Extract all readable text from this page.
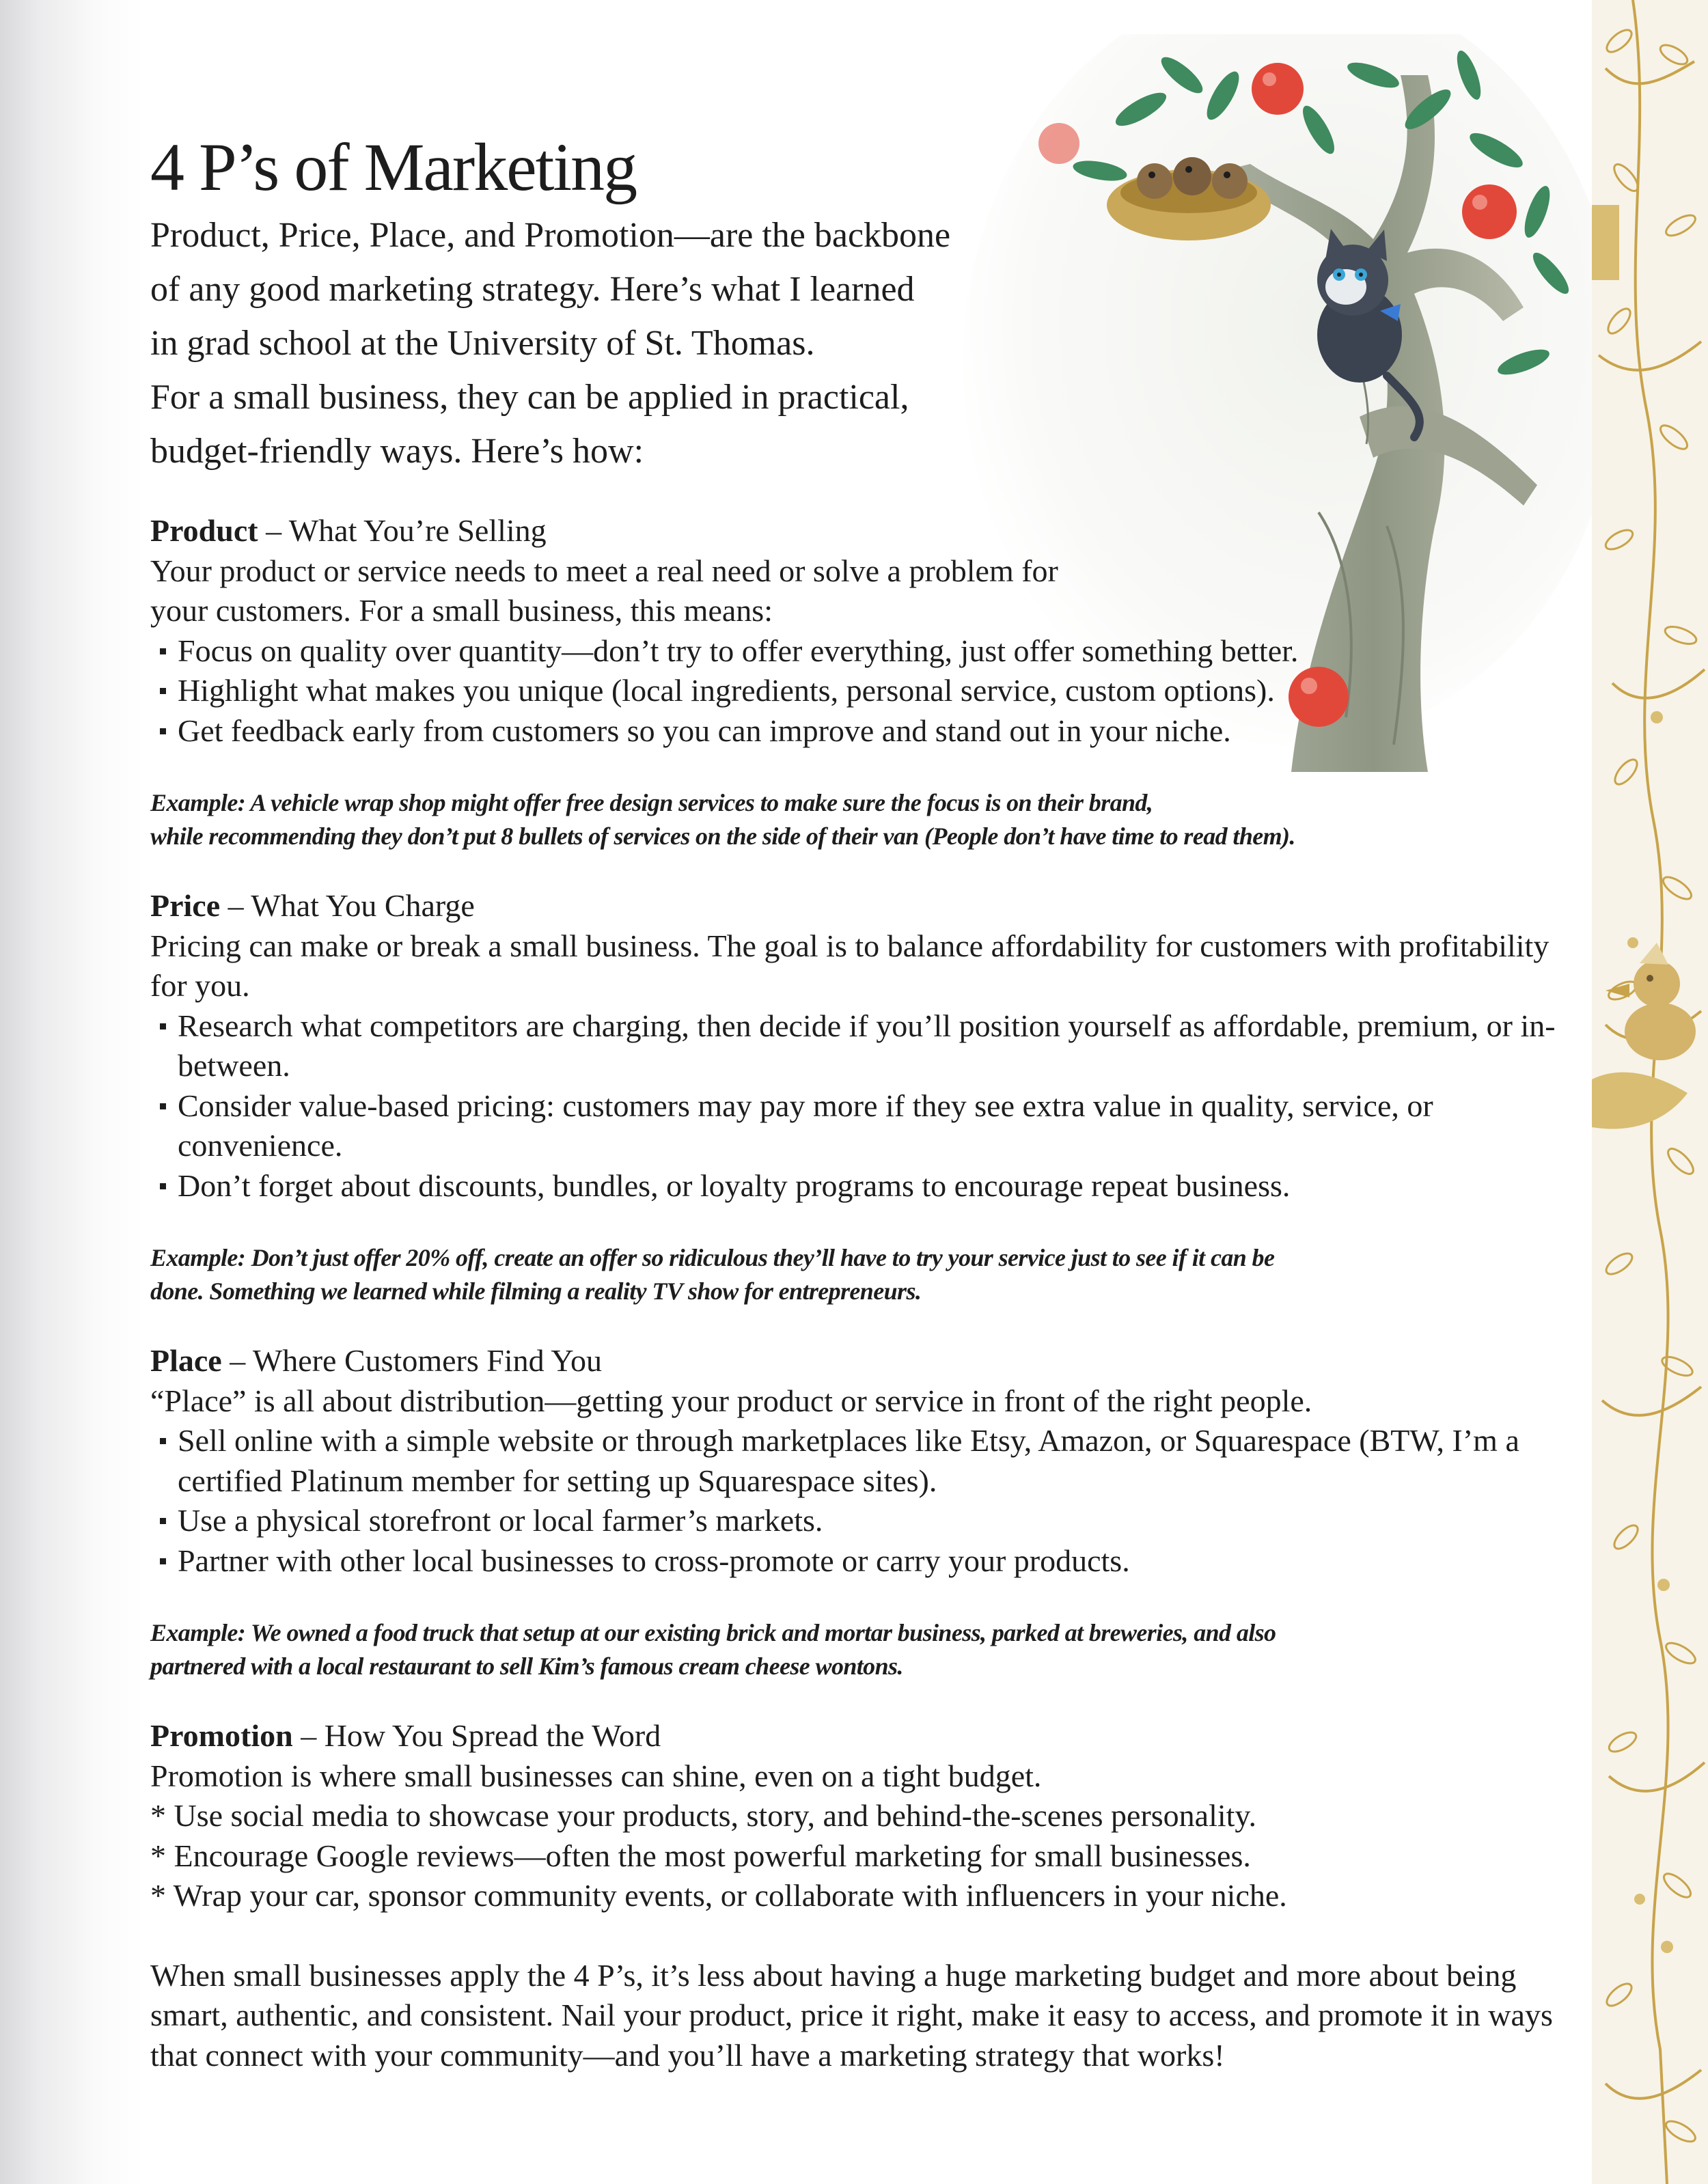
4 P’s of Marketing

Product, Price, Place, and Promotion—are the backbone
of any good marketing strategy. Here’s what I learned
in grad school at the University of St. Thomas.
For a small business, they can be applied in practical,
budget-friendly ways. Here’s how:

Product – What You’re Selling
Your product or service needs to meet a real need or solve a problem for
your customers. For a small business, this means:
Focus on quality over quantity—don’t try to offer everything, just offer something better.
Highlight what makes you unique (local ingredients, personal service, custom options).
Get feedback early from customers so you can improve and stand out in your niche.
Example: A vehicle wrap shop might offer free design services to make sure the focus is on their brand,
while recommending they don’t put 8 bullets of services on the side of their van (People don’t have time to read them).
Price – What You Charge
Pricing can make or break a small business. The goal is to balance affordability for customers with profitability for you.
Research what competitors are charging, then decide if you’ll position yourself as affordable, premium, or in-between.
Consider value-based pricing: customers may pay more if they see extra value in quality, service, or convenience.
Don’t forget about discounts, bundles, or loyalty programs to encourage repeat business.
Example: Don’t just offer 20% off, create an offer so ridiculous they’ll have to try your service just to see if it can be
done. Something we learned while filming a reality TV show for entrepreneurs.
Place – Where Customers Find You
“Place” is all about distribution—getting your product or service in front of the right people.
Sell online with a simple website or through marketplaces like Etsy, Amazon, or Squarespace (BTW, I’m a certified Platinum member for setting up Squarespace sites).
Use a physical storefront or local farmer’s markets.
Partner with other local businesses to cross-promote or carry your products.
Example: We owned a food truck that setup at our existing brick and mortar business, parked at breweries, and also
partnered with a local restaurant to sell Kim’s famous cream cheese wontons.
Promotion – How You Spread the Word
Promotion is where small businesses can shine, even on a tight budget.
* Use social media to showcase your products, story, and behind-the-scenes personality.
* Encourage Google reviews—often the most powerful marketing for small businesses.
* Wrap your car, sponsor community events, or collaborate with influencers in your niche.

When small businesses apply the 4 P’s, it’s less about having a huge marketing budget and more about being smart, authentic, and consistent. Nail your product, price it right, make it easy to access, and promote it in ways that connect with your community—and you’ll have a marketing strategy that works!
